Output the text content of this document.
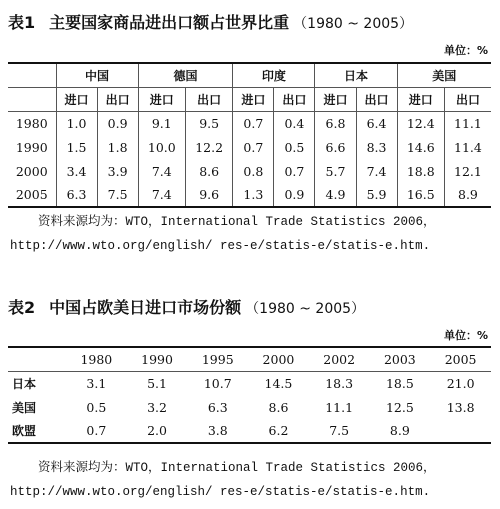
表1 主要国家商品进出口额占世界比重 （1980 ~ 2005）
单位：%
	中国		德国		印度		日本		美国	
	进口	出口	进口	出口	进口	出口	进口	出口	进口	出口
1980	1.0	0.9	9.1	9.5	0.7	0.4	6.8	6.4	12.4	11.1
1990	1.5	1.8	10.0	12.2	0.7	0.5	6.6	8.3	14.6	11.4
2000	3.4	3.9	7.4	8.6	0.8	0.7	5.7	7.4	18.8	12.1
2005	6.3	7.5	7.4	9.6	1.3	0.9	4.9	5.9	16.5	8.9
资料来源均为：WTO，International Trade Statistics 2006，
http://www.wto.org/english/ res-e/statis-e/statis-e.htm.
表2 中国占欧美日进口市场份额 （1980 ~ 2005）
单位：%
	1980	1990	1995	2000	2002	2003	2005
日本	3.1	5.1	10.7	14.5	18.3	18.5	21.0
美国	0.5	3.2	6.3	8.6	11.1	12.5	13.8
欧盟	0.7	2.0	3.8	6.2	7.5	8.9	
资料来源均为：WTO，International Trade Statistics 2006，
http://www.wto.org/english/ res-e/statis-e/statis-e.htm.
